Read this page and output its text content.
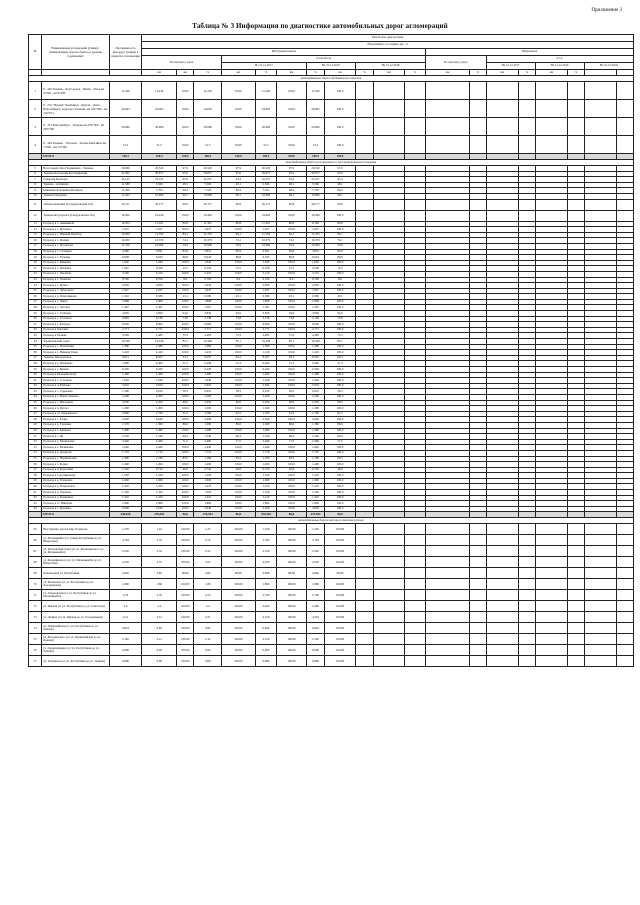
Приложение 3
Таблица № 3 Информация по диагностике автомобильных дорог агломераций
№	Наименование агломерации (улицы) / (наименование дороги объекта и уровень подчинения)	Протяженность автодорог (улицы) в пределах агломерации	Результаты диагностики																		
			Нормативное состояние, км / %																		
			Инструментальная											Визуальная							
			По паспорту дорог			в том числе								По паспорту дорог		в т.ч.					
						На 31.12.2017			На 31.12.2019		На 31.12.2018					На 31.12.2017		На 31.12.2019		На 31.12.2018	
			км	км	%	км	%	км	%	км	%	км	%	км	%	км	%	км	%		
Автомобильные дороги федерального значения																					
1	Р - 402 Тюмень - Ялуторовск - Ишим - Омск км 6+000 - км 6+480	11,226	11,226	100,0	11,226	100,0	11,226	100,0	11,226	100,0											
2	Р - 254 "Иртыш" Челябинск - Курган - Омск - Новосибирск, подъезд к Тюмени, км 190+300 - км 216+012	24,603	24,603	100,0	24,603	100,0	24,603	100,0	24,603	100,0											
3	Р - 351 Екатеринбург - Тюмень км 279+000 - км 300+560	20,960	20,960	100,0	20,960	100,0	20,960	100,0	20,960	100,0											
4	Р - 404 Тюмень - Тобольск - Ханты-Мансийск км 1+000 - км 13+500	51,5	51,5	100,0	51,5	100,0	51,5	100,0	51,5	100,0											
	ИТОГО	108,3	108,3	100,0	108,3	100,0	108,3	100,0	108,3	100,0											
Автомобильные дороги регионального и межмуниципального значения																					
5	Восточный обход Червишево - Тюмень	20,966	20,520	97,9	20,520	97,9	20,520	97,9	20,520	97,9											
6	Тюмень-Боровский-Богандинский	41,992	39,877	95,0	39,877	95,0	39,877	95,0	39,877	95,0											
7	Северная Корпорга	24,143	23,143	95,9	22,557	93,4	22,557	93,4	22,557	93,4											
8	Тюмень - Антипино	11,580	5,566	48,1	5,566	48,1	5,566	48,1	5,566	48,1											
9	Княжевка Боровинка-Велижан	11,266	7,705	68,4	7,705	68,4	7,705	68,4	7,705	68,4											
10	Тюмень-Падерина	11,002	10,899	99,1	10,899	99,1	10,899	99,1	10,899	99,1											
11	Тюмень-Каменка (в Свердловской обл)	43,137	39,177	90,8	39,177	90,8	39,177	90,8	39,177	90,8											
12	Тюмень-Ялуторовск (Свердловская обл)	19,420	19,420	100,0	19,420	100,0	19,420	100,0	19,420	100,0											
13	Подъезд к с. Акиявиной	14,054	11,361	80,8	11,361	80,8	11,361	80,8	11,361	80,8											
14	Подъезд к с. Кулаково	1,927	1,927	100,0	1,927	100,0	1,927	100,0	1,927	100,0											
15	Подъезд к с. Южный Перебор	14,020	11,793	84,1	11,793	84,1	11,793	84,1	11,793	84,1											
16	Подъезд к с. Малый	14,000	10,379	74,1	10,379	74,1	10,379	74,1	10,379	74,1											
17	Подъезд к с. Мулашово	21,556	10,969	50,9	10,969	50,9	10,969	50,9	10,969	50,9											
18	Подъезд к с. Салаирка	4,460	3,831	85,9	3,831	85,9	3,831	85,9	3,831	85,9											
19	Подъезд к с. Успенка	6,958	6,043	86,8	6,043	86,8	6,043	86,8	6,043	86,8											
20	Подъезд к с. Княжево	1,040	1,040	100,0	1,040	100,0	1,040	100,0	1,040	100,0											
21	Подъезд к с. Ожогина	1,667	0,258	15,5	0,258	15,5	0,258	15,5	0,258	15,5											
22	Подъезд к с. Онохино	5,209	5,210	100,0	5,210	100,0	5,210	100,0	5,210	100,0											
23	Подъезд к с. Ушакова	8,740	0,700	8,0	0,700	8,0	0,700	8,0	0,700	8,0											
24	Подъезд к с. Кулига	2,856	2,856	100,0	2,856	100,0	2,856	100,0	2,856	100,0											
25	Подъезд к с. Дубровное	1,947	1,947	100,0	1,947	100,0	1,947	100,0	1,947	100,0											
26	Подъезд к д. Решетникова	1,345	0,580	43,1	0,580	43,1	0,580	43,1	0,580	43,1											
27	Подъезд к с. Чикча	1,808	1,808	100,0	1,808	100,0	1,808	100,0	1,808	100,0											
28	Подъезд к с. Луговое	1,367	1,367	100,0	1,367	100,0	1,367	100,0	1,367	100,0											
29	Подъезд к с. Утяшево	4,065	3,856	94,9	3,856	94,9	3,856	94,9	3,856	94,9											
30	Подъезд к с. Созоново	2,895	2,136	73,8	2,136	73,8	2,136	73,8	2,136	73,8											
31	Подъезд к с. Каскара	6,000	6,000	100,0	6,000	100,0	6,000	100,0	6,000	100,0											
32	Подъезд к Ожогина	2,771	2,771	100,0	2,771	100,0	2,771	100,0	2,771	100,0											
33	Подъезд к Тюнево	3,299	2,485	75,3	2,485	75,3	2,485	75,3	2,485	75,3											
34	Червишевский тракт	19,338	16,448	85,1	16,448	85,1	16,448	85,1	16,448	85,1											
35	Подъезд к с. Малиновка	1,380	1,380	100,0	1,380	100,0	1,380	100,0	1,380	100,0											
36	Подъезд к с. Нижняя Тавда	1,416	1,416	100,0	1,416	100,0	1,416	100,0	1,416	100,0											
37	Тюмень-Заводоуковск	9,021	8,507	94,3	8,507	94,3	8,507	94,3	8,507	94,3											
38	Подъезд к д. Мальково	1,880	0,400	21,3	0,400	21,3	0,400	21,3	0,400	21,3											
39	Подъезд к с. Бизино	0,430	0,430	100,0	0,430	100,0	0,430	100,0	0,430	100,0											
40	Подъезд к Каскаринскому	1,460	1,460	100,0	1,460	100,0	1,460	100,0	1,460	100,0											
41	Подъезд к с. Созоново	1,049	1,049	100,0	1,049	100,0	1,049	100,0	1,049	100,0											
42	Подъезд к п. Ембаево	5,632	5,632	100,0	5,632	100,0	5,632	100,0	5,632	100,0											
43	Подъезд к с. Горьковка	1,560	0,910	58,3	0,910	58,3	0,910	58,3	0,910	58,3											
44	Подъезд к с. Новая Тюмень	2,200	2,200	100,0	2,200	100,0	2,200	100,0	2,200	100,0											
45	Подъезд к с. Мичурино	3,550	2,450	69,0	2,450	69,0	2,450	69,0	2,450	69,0											
46	Подъезд к п. Бухтал	1,300	1,300	100,0	1,300	100,0	1,300	100,0	1,300	100,0											
47	Подъезд к оз. Андреевское	2,860	1,760	61,5	1,760	61,5	1,760	61,5	1,760	61,5											
48	Подъезд к с. Елань	2,640	2,640	100,0	2,640	100,0	2,640	100,0	2,640	100,0											
49	Подъезд к д. Тарманы	1,570	1,360	86,6	1,360	86,6	1,360	86,6	1,360	86,6											
50	Подъезд к с. Каменка	1,480	1,480	100,0	1,480	100,0	1,480	100,0	1,480	100,0											
51	Подъезд к с. Яр	2,320	1,540	66,4	1,540	66,4	1,540	66,4	1,540	66,4											
52	Подъезд к д. Малиновка	3,440	2,460	71,5	2,460	71,5	2,460	71,5	2,460	71,5											
53	Подъезд к с. Велижаны	1,640	1,640	100,0	1,640	100,0	1,640	100,0	1,640	100,0											
54	Подъезд к д. Дударева	1,710	1,710	100,0	1,710	100,0	1,710	100,0	1,710	100,0											
55	Подъезд к с. Наримановка	1,390	1,160	83,5	1,160	83,5	1,160	83,5	1,160	83,5											
56	Подъезд к с. Борки	1,490	1,490	100,0	1,490	100,0	1,490	100,0	1,490	100,0											
57	Подъезд к п. Березняки	1,540	0,720	46,8	0,720	46,8	0,720	46,8	0,720	46,8											
58	Подъезд к Сорочинскому	1,520	1,520	100,0	1,520	100,0	1,520	100,0	1,520	100,0											
59	Подъезд к д. Падерина	1,660	1,660	100,0	1,660	100,0	1,660	100,0	1,660	100,0											
60	Подъезд к д. Покровское	1,470	1,470	100,0	1,470	100,0	1,470	100,0	1,470	100,0											
61	Подъезд к д. Ушакова	1,320	1,320	100,0	1,320	100,0	1,320	100,0	1,320	100,0											
62	Подъезд к д. Коняшина	1,410	1,410	100,0	1,410	100,0	1,410	100,0	1,410	100,0											
63	Подъезд к ст. Винзили	1,860	1,860	100,0	1,860	100,0	1,860	100,0	1,860	100,0											
64	Подъезд к с. Кулаково	2,040	2,040	100,0	2,040	100,0	2,040	100,0	2,040	100,0											
	ИТОГО	548,836	476,504	86,8	476,504	86,8	476,504	86,8	476,504	86,8											
Автомобильные дороги местного значения (улицы)																					
65	Внутренние дороги мкр. Комарово	1,270	1,24	100,00	1,25	100,00	1,250	100,00	1,250	100,00											
66	ул. Мельникайте (от улицы Республики до ул. Широтная)	2,764	2,76	100,00	2,76	100,00	2,764	100,00	2,764	100,00											
67	ул. Московский тракт (от ул. Федюнинского до ул. Мельникайте)	2,520	2,52	100,00	2,52	100,00	2,520	100,00	2,520	100,00											
68	ул. Федюнинского (от ул. Мельникайте до ул. Широтная)	4,550	4,55	100,00	4,55	100,00	4,550	100,00	4,550	100,00											
69	Пешеходная ул. Республики	4,920	4,84	98,00	4,84	98,00	4,840	98,00	4,840	98,00											
70	ул. Малыгина (от ул. Республики до ул. Холодильная)	1,860	1,86	100,00	1,86	100,00	1,860	100,00	1,860	100,00											
71	ул. Харьковская (от ул. Республики до ул. Мельникайте)	2,79	2,79	100,00	2,79	100,00	2,790	100,00	2,790	100,00											
72	ул. Ямская (от ул. Республики до ул. Советская)	2,4	2,4	100,00	2,4	100,00	2,400	100,00	2,400	100,00											
73	ул. Ленина (от ул. Ямская до ул. Холодильная)	4,31	4,31	100,00	4,31	100,00	4,310	100,00	4,310	100,00											
74	ул. Первомайская (от ул. Республики до ул. Ленина)	0,844	0,84	100,00	0,84	100,00	0,844	100,00	0,844	100,00											
75	ул. Володарского (от ул. Первомайская до ул. Ленина)	2,120	2,12	100,00	2,12	100,00	2,120	100,00	2,120	100,00											
76	ул. Орджоникидзе (от ул. Республики до ул. Ленина)	0,900	0,90	100,00	0,90	100,00	0,900	100,00	0,900	100,00											
77	ул. Хохрякова (от ул. Республики до ул. Ленина)	0,680	0,68	100,00	0,68	100,00	0,680	100,00	0,680	100,00											
